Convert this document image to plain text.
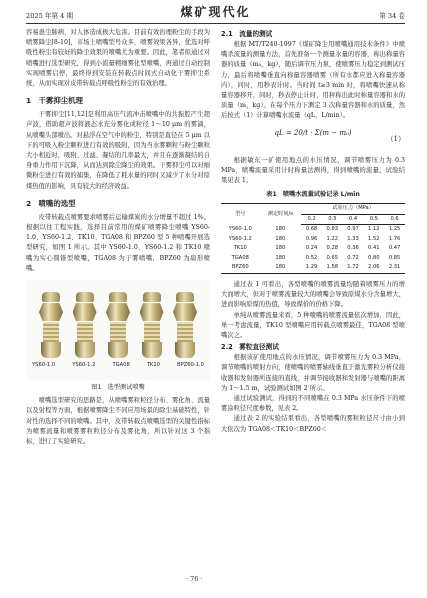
2025 年第 4 期	煤矿现代化	第 34 卷

容易患尘肺病，对人体造成极大危害。目前有效治理粉尘的手段为喷雾降尘[8-10]，市场上喷嘴型号众多，喷雾效果各异，优选对呼吸性粉尘有较好的降尘效果的喷嘴尤为重要。因此，笔者拟通过对喷嘴进行选型研究，得到小流量精细雾化型喷嘴，再通过自动控制实现喷雾启停，最终得到安装在转载点时间式自动化干雾抑尘系统，从而实现对皮带转载点呼吸性粉尘的有效治理。

1　干雾抑尘机理

干雾抑尘[11,12]是利用高压气流冲击喷嘴中的共振腔产生超声波，借助超声波将液态水充分雾化成粒径 1～10 μm 的雾滴，从喷嘴头部喷出。对悬浮在空气中的粉尘，特别是直径在 5 μm 以下的可吸入粉尘颗粒进行有效的吸附，因为当水雾颗粒与粉尘颗粒大小相近时，吸附、过滤、凝结的几率最大，并且在逐渐凝结的自身重力作用下沉降，从而达到除尘降尘的效果。干雾抑尘可以对细微粉尘进行有效的捕集，在降低了耗水量的同时又减少了水分对原煤热值的影响，具有较大的经济效益。

2　喷嘴的选型

皮带转载点喷雾要求喷雾后运输煤炭的水分增量不超过 1%。根据以往工程实践，选择目前常用的煤矿喷雾降尘喷嘴 YS60-1.0、YS60-1.2、TK10、TGA08 和 BPZ60 型 5 种喷嘴开展选型研究，如图 1 所示。其中 YS60-1.0、YS60-1.2 和 TK10 喷嘴为实心圆锥型喷嘴，TGA08 为干雾喷嘴，BPZ60 为扇形喷嘴。

YS60-1.0	YS60-1.2	TGA08	TK10	BPZ60-1.0
图1　选型测试喷嘴

喷嘴选型研究的思路是，从喷嘴雾粒粒径分布、雾化角、流量以及射程等方面，根据喷雾降尘不同应用场景的除尘基础特性，针对性的选择不同的喷嘴。其中，皮带转载点喷嘴选型的关键性指标为喷雾流量和喷雾雾粒粒径分布及雾化角，所以针对这 3 个指标，进行了实验研究。

2.1　流量的测试

根据 MT/T240-1997《煤矿降尘用喷嘴通用技术条件》中喷嘴杀流量的测量方法，首先准备一个测量水量的容器，称出称量容器的质量（m₀，kg），随后调节压力泵，使喷雾压力稳定到测试压力，最后将喷嘴垂直向称量容器喷雾（所有水都应进入称量容器内），同时，用秒表计时。当时间 t≥3 min 时，将喷嘴快速从称量容器移开，同时，秒表停止计时，用秤称出此时称量容器和水的质量（m，kg）。在每个压力下测定 3 次称量容器和水的质量，然后按式（1）计算喷嘴水流量（qL，L/min）。

qL = 20/t · Σ(m − m₀)
（1）

根据敏东一矿使用地点的水压情况，调节喷雾压力为 0.3 MPa，喷嘴流量采用计时称量法测得，得到喷嘴的流量，试验结果见表 1。

表1　喷嘴水流量试验记录 L/min
型号	测定时间/s	试验压力（MPa）				
		0.2	0.3	0.4	0.5	0.6
YS60-1.0	180	0.68	0.83	0.97	1.12	1.25
YS60-1.2	180	0.96	1.22	1.33	1.52	1.76
TK10	180	0.24	0.28	0.36	0.41	0.47
TGA08	180	0.52	0.65	0.72	0.80	0.85
BPZ60	180	1.29	1.58	1.72	2.06	2.31

通过表 1 可看出，各型喷嘴的喷雾流量均随着喷雾压力的增大而增大，但对于喷雾流量较大的喷嘴会导致原煤水分含量增大，进而影响原煤的热值，导致煤价的价格下降。

单纯从喷雾流量来看，5 种喷嘴的喷雾流量依次增加，因此，单一考虑流量，TK10 型喷嘴应用转载点喷雾最佳，TGA08 型喷嘴次之。

2.2　雾粒直径测试

根据该矿使用地点的水压情况，调节喷雾压力为 0.3 MPa，调节喷嘴的喷射方向，使喷嘴的喷雾轴线垂直于激光雾粒分析仪接收器和发射器所连接的直线，并调节接收器和发射器与喷嘴的距离为 1～1.5 m，试验测试如图 2 所示。

通过试验测试，得到的不同喷嘴在 0.3 MPa 水压条件下的喷雾涂粒径尺度参数，见表 2。

通过表 2 的实验结果看出，各型喷嘴的雾粒粒径尺寸由小到大依次为 TGA08＜TK10＜BPZ60＜

· 76 ·
